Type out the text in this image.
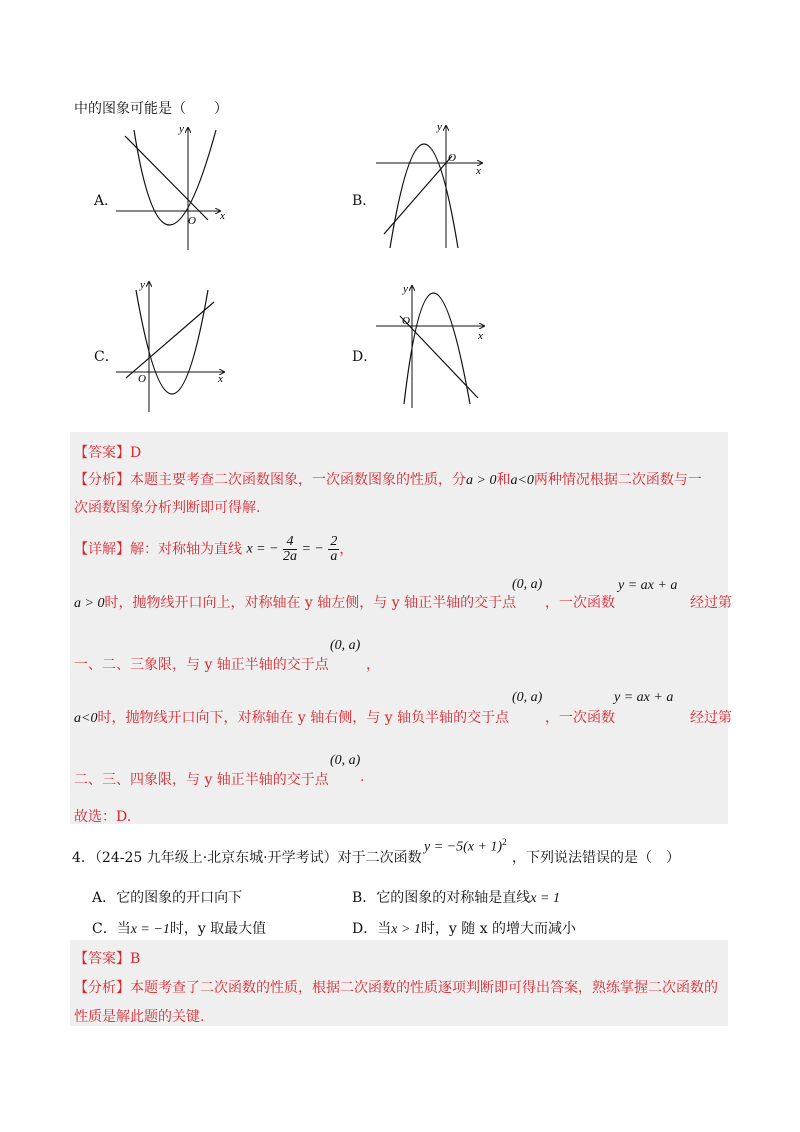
中的图象可能是（　　）
A．
x
y
O
B．
x
y
O
C．
x
y
O
D．
x
y
O
【答案】D
【分析】本题主要考查二次函数图象，一次函数图象的性质，分a > 0和a<0两种情况根据二次函数与一
次函数图象分析判断即可得解.
【详解】解：对称轴为直线 x = − $\frac{4}{2a}$ = − $\frac{2}{a}$ ，
a > 0时，抛物线开口向上，对称轴在 y 轴左侧，与 y 轴正半轴的交于点
(0, a)
，一次函数
y = ax + a
经过第
一、二、三象限，与 y 轴正半轴的交于点
(0, a)
，
a<0时，抛物线开口向下，对称轴在 y 轴右侧，与 y 轴负半轴的交于点
(0, a)
，一次函数
y = ax + a
经过第
二、三、四象限，与 y 轴正半轴的交于点
(0, a)
.
故选：D.
4．（24-25 九年级上·北京东城·开学考试）对于二次函数
$y = -5(x + 1)^2$
，下列说法错误的是（　）
A．它的图象的开口向下	B．它的图象的对称轴是直线x = 1
C．当x = −1时，y 取最大值	D．当x > 1时，y 随 x 的增大而减小
【答案】B
【分析】本题考查了二次函数的性质，根据二次函数的性质逐项判断即可得出答案，熟练掌握二次函数的
性质是解此题的关键.
